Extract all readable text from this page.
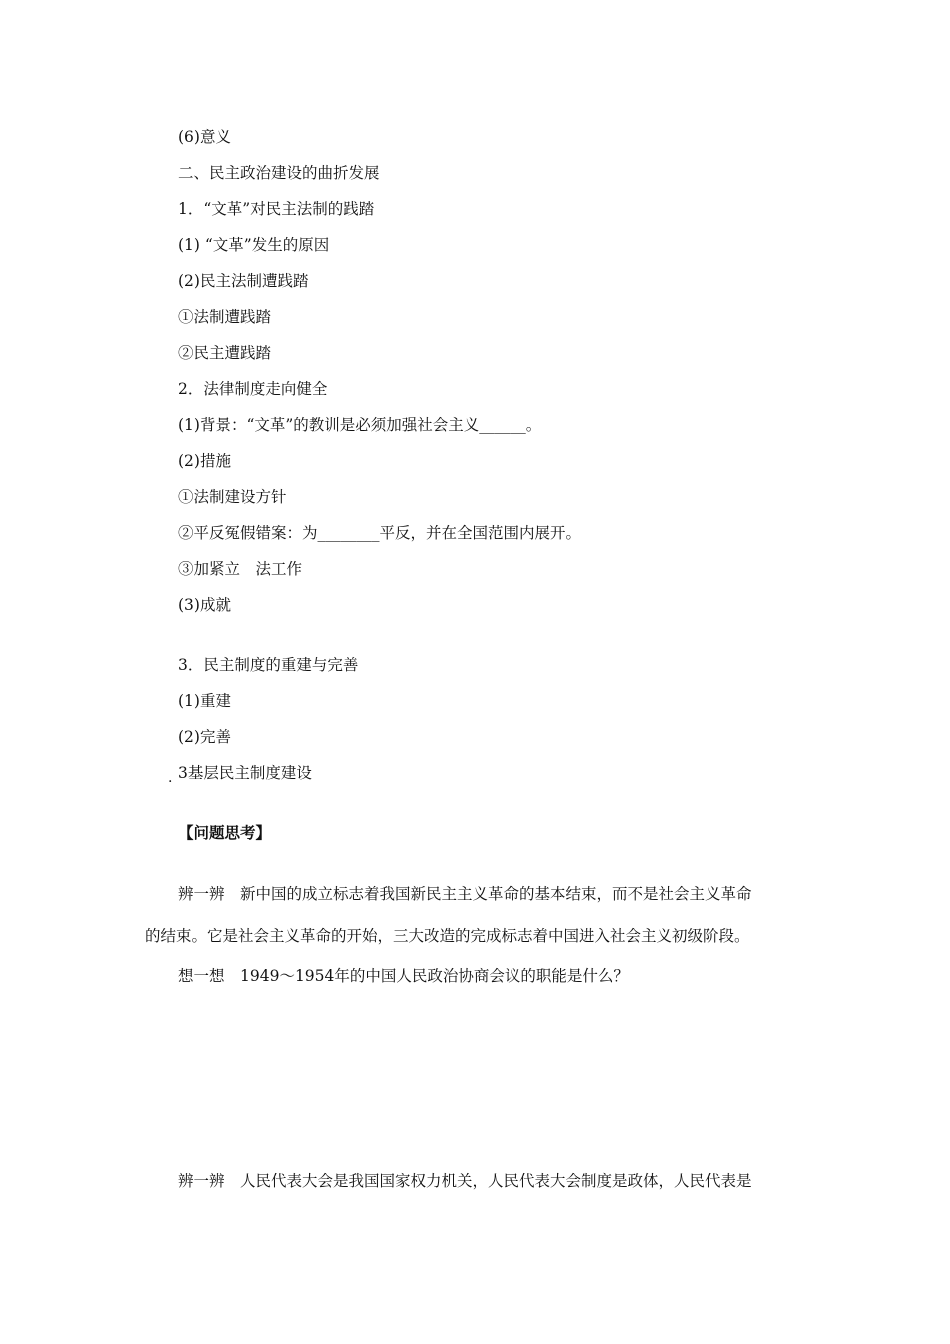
(6)意义
二、民主政治建设的曲折发展
1．“文革”对民主法制的践踏
(1) “文革”发生的原因
(2)民主法制遭践踏
①法制遭践踏
②民主遭践踏
2．法律制度走向健全
(1)背景：“文革”的教训是必须加强社会主义______。
(2)措施
①法制建设方针
②平反冤假错案：为________平反，并在全国范围内展开。
③加紧立　法工作
(3)成就
3．民主制度的重建与完善
(1)重建
(2)完善
. 3基层民主制度建设
【问题思考】
辨一辨　新中国的成立标志着我国新民主主义革命的基本结束，而不是社会主义革命
的结束。它是社会主义革命的开始，三大改造的完成标志着中国进入社会主义初级阶段。
想一想　1949～1954年的中国人民政治协商会议的职能是什么？
辨一辨　人民代表大会是我国国家权力机关，人民代表大会制度是政体，人民代表是
